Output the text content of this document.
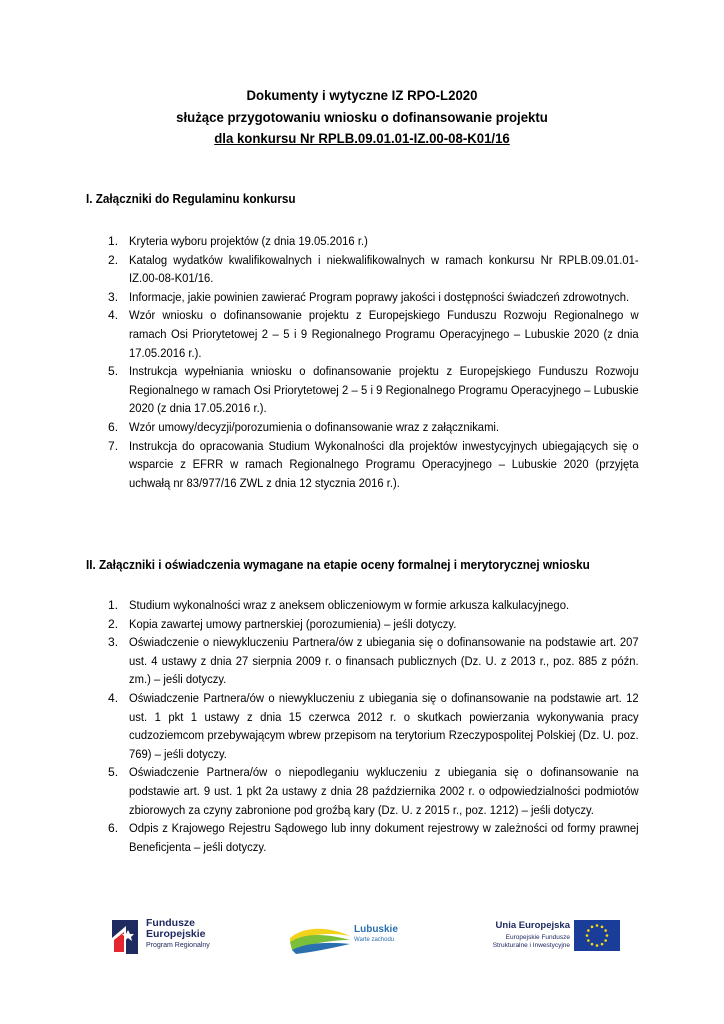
Dokumenty i wytyczne IZ RPO-L2020
służące przygotowaniu wniosku o dofinansowanie projektu
dla konkursu Nr RPLB.09.01.01-IZ.00-08-K01/16
I. Załączniki do Regulaminu konkursu
1. Kryteria wyboru projektów (z dnia 19.05.2016 r.)
2. Katalog wydatków kwalifikowalnych i niekwalifikowalnych w ramach konkursu Nr RPLB.09.01.01-IZ.00-08-K01/16.
3. Informacje, jakie powinien zawierać Program poprawy jakości i dostępności świadczeń zdrowotnych.
4. Wzór wniosku o dofinansowanie projektu z Europejskiego Funduszu Rozwoju Regionalnego w ramach Osi Priorytetowej 2 – 5 i 9 Regionalnego Programu Operacyjnego – Lubuskie 2020 (z dnia 17.05.2016 r.).
5. Instrukcja wypełniania wniosku o dofinansowanie projektu z Europejskiego Funduszu Rozwoju Regionalnego w ramach Osi Priorytetowej 2 – 5 i 9 Regionalnego Programu Operacyjnego – Lubuskie 2020 (z dnia 17.05.2016 r.).
6. Wzór umowy/decyzji/porozumienia o dofinansowanie wraz z załącznikami.
7. Instrukcja do opracowania Studium Wykonalności dla projektów inwestycyjnych ubiegających się o wsparcie z EFRR w ramach Regionalnego Programu Operacyjnego – Lubuskie 2020 (przyjęta uchwałą nr 83/977/16 ZWL z dnia 12 stycznia 2016 r.).
II. Załączniki i oświadczenia wymagane na etapie oceny formalnej i merytorycznej wniosku
1. Studium wykonalności wraz z aneksem obliczeniowym w formie arkusza kalkulacyjnego.
2. Kopia zawartej umowy partnerskiej (porozumienia) – jeśli dotyczy.
3. Oświadczenie o niewykluczeniu Partnera/ów z ubiegania się o dofinansowanie na podstawie art. 207 ust. 4 ustawy z dnia 27 sierpnia 2009 r. o finansach publicznych (Dz. U. z 2013 r., poz. 885 z późn. zm.) – jeśli dotyczy.
4. Oświadczenie Partnera/ów o niewykluczeniu z ubiegania się o dofinansowanie na podstawie art. 12 ust. 1 pkt 1 ustawy z dnia 15 czerwca 2012 r. o skutkach powierzania wykonywania pracy cudzoziemcom przebywającym wbrew przepisom na terytorium Rzeczypospolitej Polskiej (Dz. U. poz. 769) – jeśli dotyczy.
5. Oświadczenie Partnera/ów o niepodleganiu wykluczeniu z ubiegania się o dofinansowanie na podstawie art. 9 ust. 1 pkt 2a ustawy z dnia 28 października 2002 r. o odpowiedzialności podmiotów zbiorowych za czyny zabronione pod groźbą kary (Dz. U. z 2015 r., poz. 1212) – jeśli dotyczy.
6. Odpis z Krajowego Rejestru Sądowego lub inny dokument rejestrowy w zależności od formy prawnej Beneficjenta – jeśli dotyczy.
Fundusze
Europejskie
Program Regionalny
Lubuskie
Warte zachodu
Unia Europejska
Europejskie Fundusze
Strukturalne i Inwestycyjne
